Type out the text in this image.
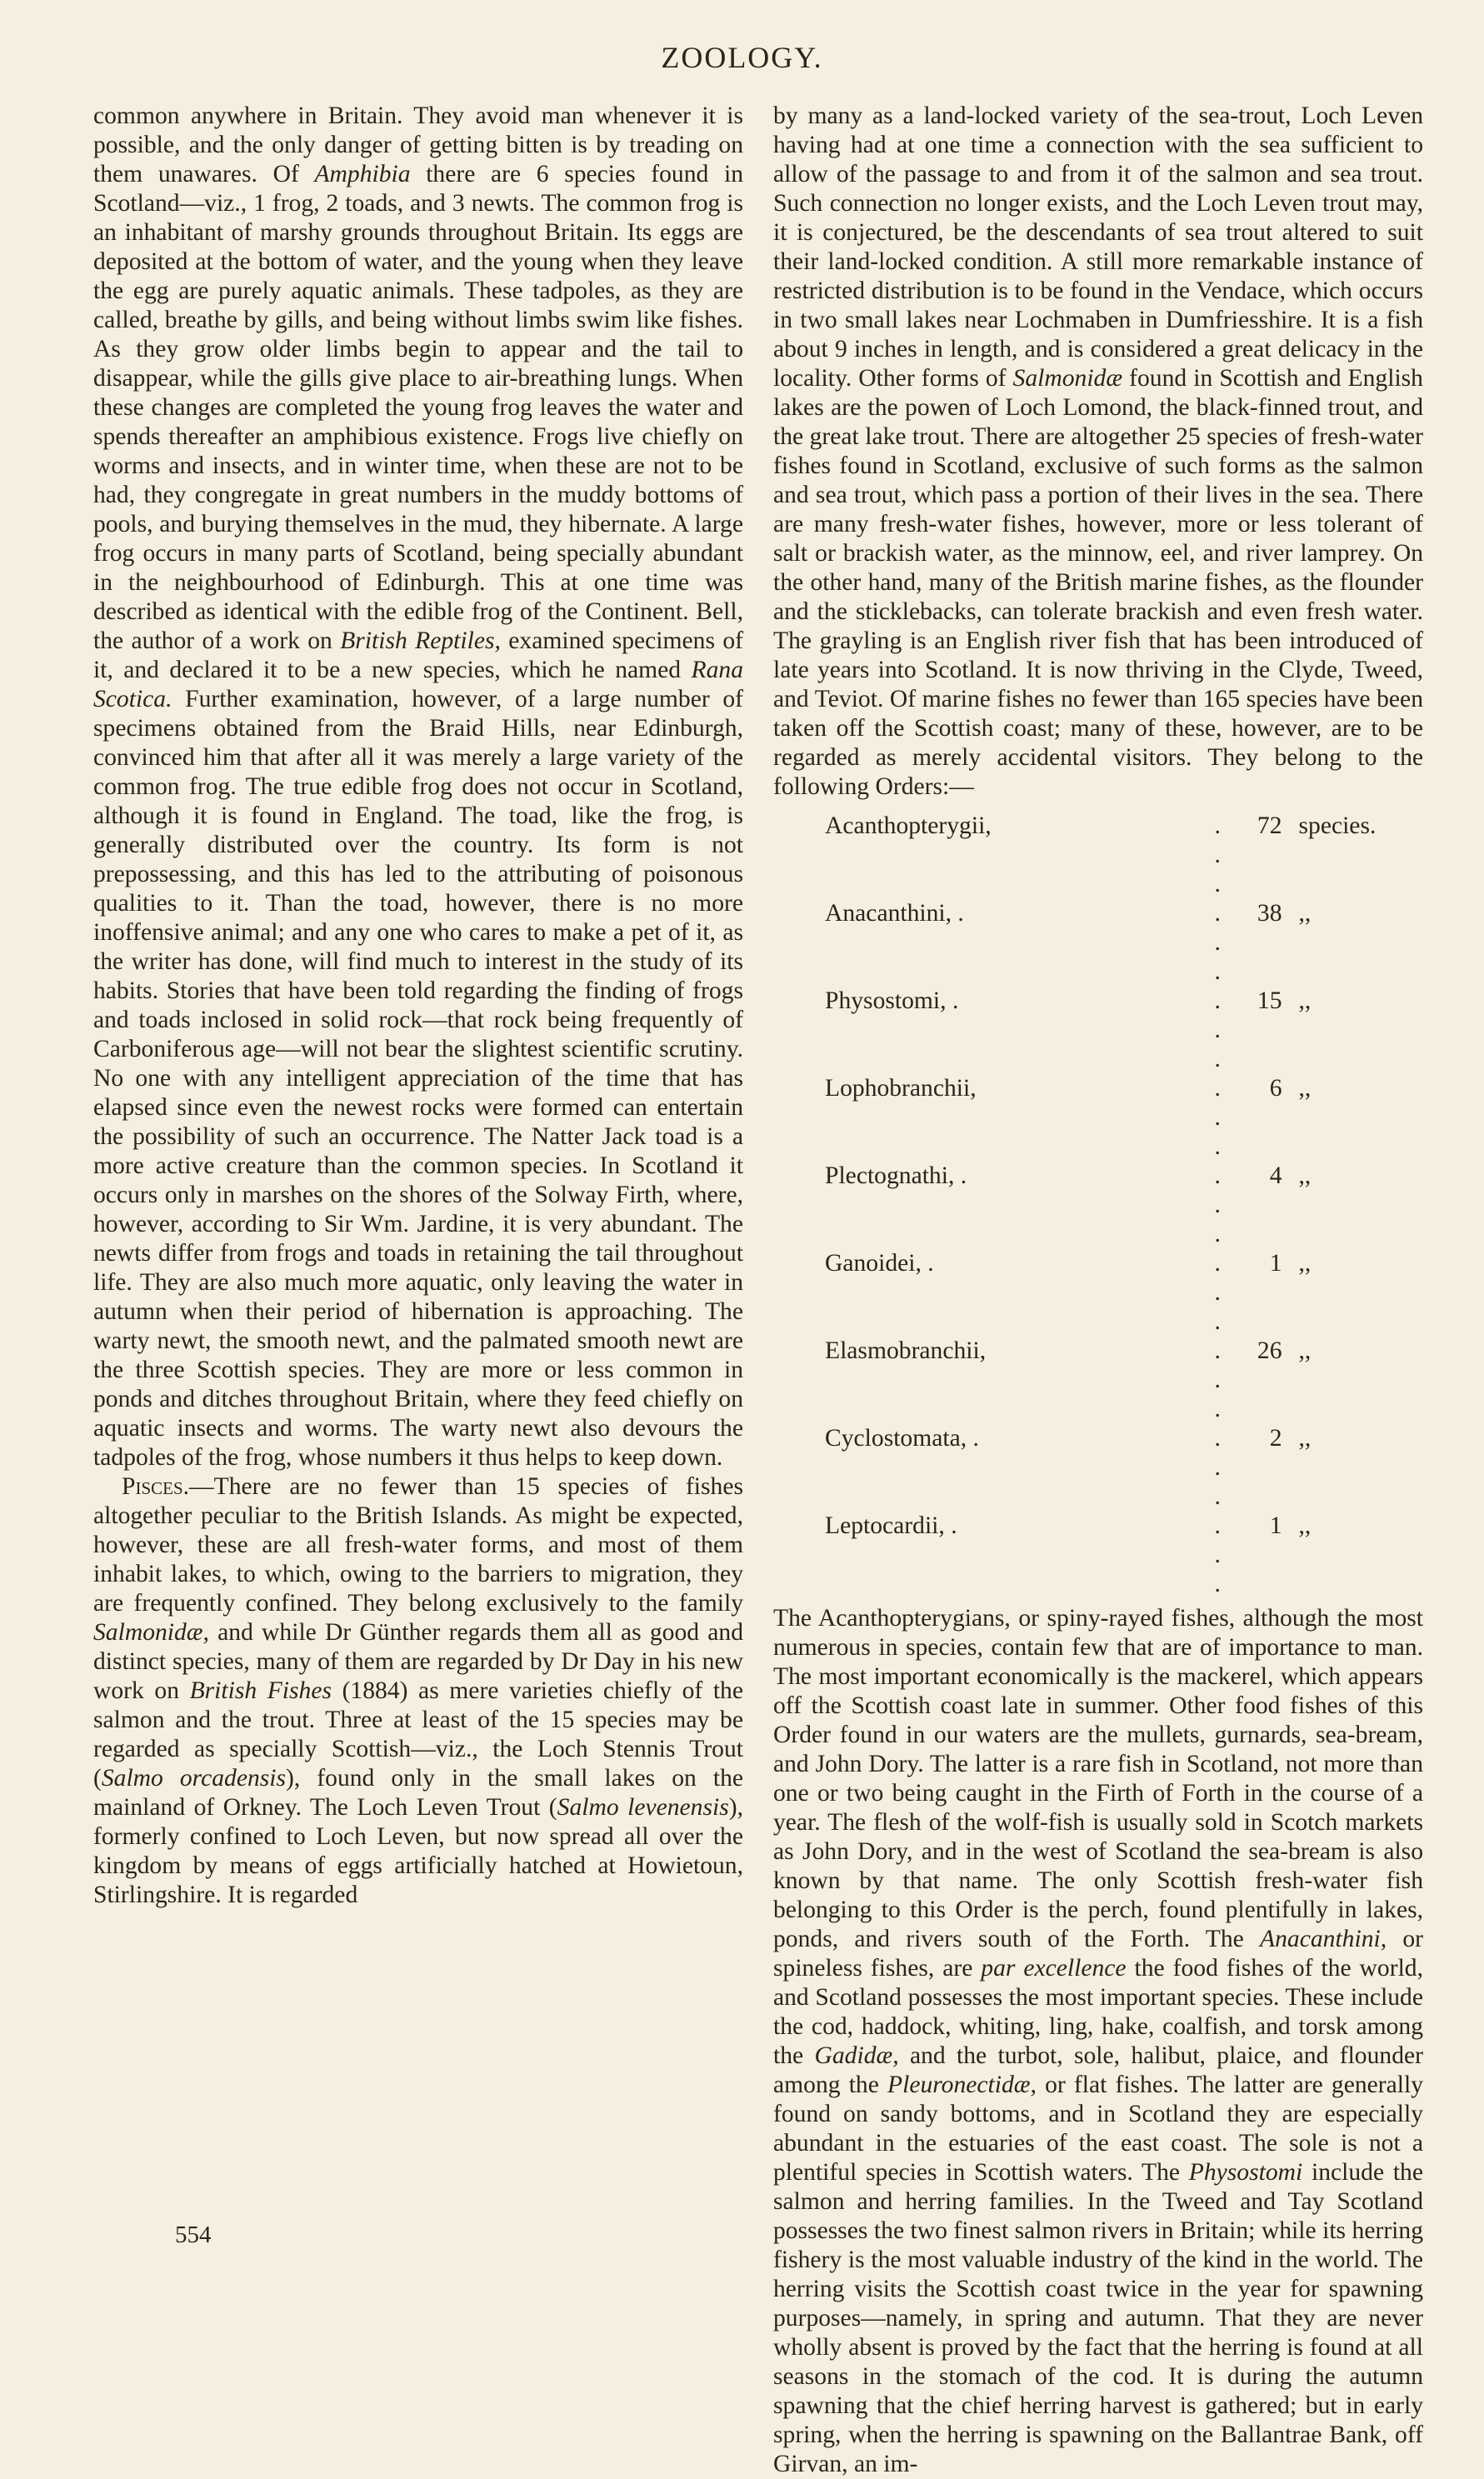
ZOOLOGY.

common anywhere in Britain. They avoid man whenever it is possible, and the only danger of getting bitten is by treading on them unawares. Of Amphibia there are 6 species found in Scotland—viz., 1 frog, 2 toads, and 3 newts. The common frog is an inhabitant of marshy grounds throughout Britain. Its eggs are deposited at the bottom of water, and the young when they leave the egg are purely aquatic animals. These tadpoles, as they are called, breathe by gills, and being without limbs swim like fishes. As they grow older limbs begin to appear and the tail to disappear, while the gills give place to air-breathing lungs. When these changes are completed the young frog leaves the water and spends thereafter an amphibious existence. Frogs live chiefly on worms and insects, and in winter time, when these are not to be had, they congregate in great numbers in the muddy bottoms of pools, and burying themselves in the mud, they hibernate. A large frog occurs in many parts of Scotland, being specially abundant in the neighbourhood of Edinburgh. This at one time was described as identical with the edible frog of the Continent. Bell, the author of a work on British Reptiles, examined specimens of it, and declared it to be a new species, which he named Rana Scotica. Further examination, however, of a large number of specimens obtained from the Braid Hills, near Edinburgh, convinced him that after all it was merely a large variety of the common frog. The true edible frog does not occur in Scotland, although it is found in England. The toad, like the frog, is generally distributed over the country. Its form is not prepossessing, and this has led to the attributing of poisonous qualities to it. Than the toad, however, there is no more inoffensive animal; and any one who cares to make a pet of it, as the writer has done, will find much to interest in the study of its habits. Stories that have been told regarding the finding of frogs and toads inclosed in solid rock—that rock being frequently of Carboniferous age—will not bear the slightest scientific scrutiny. No one with any intelligent appreciation of the time that has elapsed since even the newest rocks were formed can entertain the possibility of such an occurrence. The Natter Jack toad is a more active creature than the common species. In Scotland it occurs only in marshes on the shores of the Solway Firth, where, however, according to Sir Wm. Jardine, it is very abundant. The newts differ from frogs and toads in retaining the tail throughout life. They are also much more aquatic, only leaving the water in autumn when their period of hibernation is approaching. The warty newt, the smooth newt, and the palmated smooth newt are the three Scottish species. They are more or less common in ponds and ditches throughout Britain, where they feed chiefly on aquatic insects and worms. The warty newt also devours the tadpoles of the frog, whose numbers it thus helps to keep down.

Pisces.—There are no fewer than 15 species of fishes altogether peculiar to the British Islands. As might be expected, however, these are all fresh-water forms, and most of them inhabit lakes, to which, owing to the barriers to migration, they are frequently confined. They belong exclusively to the family Salmonidæ, and while Dr Günther regards them all as good and distinct species, many of them are regarded by Dr Day in his new work on British Fishes (1884) as mere varieties chiefly of the salmon and the trout. Three at least of the 15 species may be regarded as specially Scottish—viz., the Loch Stennis Trout (Salmo orcadensis), found only in the small lakes on the mainland of Orkney. The Loch Leven Trout (Salmo levenensis), formerly confined to Loch Leven, but now spread all over the kingdom by means of eggs artificially hatched at Howietoun, Stirlingshire. It is regarded

by many as a land-locked variety of the sea-trout, Loch Leven having had at one time a connection with the sea sufficient to allow of the passage to and from it of the salmon and sea trout. Such connection no longer exists, and the Loch Leven trout may, it is conjectured, be the descendants of sea trout altered to suit their land-locked condition. A still more remarkable instance of restricted distribution is to be found in the Vendace, which occurs in two small lakes near Lochmaben in Dumfriesshire. It is a fish about 9 inches in length, and is considered a great delicacy in the locality. Other forms of Salmonidæ found in Scottish and English lakes are the powen of Loch Lomond, the black-finned trout, and the great lake trout. There are altogether 25 species of fresh-water fishes found in Scotland, exclusive of such forms as the salmon and sea trout, which pass a portion of their lives in the sea. There are many fresh-water fishes, however, more or less tolerant of salt or brackish water, as the minnow, eel, and river lamprey. On the other hand, many of the British marine fishes, as the flounder and the sticklebacks, can tolerate brackish and even fresh water. The grayling is an English river fish that has been introduced of late years into Scotland. It is now thriving in the Clyde, Tweed, and Teviot. Of marine fishes no fewer than 165 species have been taken off the Scottish coast; many of these, however, are to be regarded as merely accidental visitors. They belong to the following Orders:—

Acanthopterygii,	. . .	72	species.
Anacanthini, .	. . .	38	,,
Physostomi, .	. . .	15	,,
Lophobranchii,	. . .	6	,,
Plectognathi, .	. . .	4	,,
Ganoidei, .	. . .	1	,,
Elasmobranchii,	. . .	26	,,
Cyclostomata, .	. . .	2	,,
Leptocardii, .	. . .	1	,,

The Acanthopterygians, or spiny-rayed fishes, although the most numerous in species, contain few that are of importance to man. The most important economically is the mackerel, which appears off the Scottish coast late in summer. Other food fishes of this Order found in our waters are the mullets, gurnards, sea-bream, and John Dory. The latter is a rare fish in Scotland, not more than one or two being caught in the Firth of Forth in the course of a year. The flesh of the wolf-fish is usually sold in Scotch markets as John Dory, and in the west of Scotland the sea-bream is also known by that name. The only Scottish fresh-water fish belonging to this Order is the perch, found plentifully in lakes, ponds, and rivers south of the Forth. The Anacanthini, or spineless fishes, are par excellence the food fishes of the world, and Scotland possesses the most important species. These include the cod, haddock, whiting, ling, hake, coalfish, and torsk among the Gadidæ, and the turbot, sole, halibut, plaice, and flounder among the Pleuronectidæ, or flat fishes. The latter are generally found on sandy bottoms, and in Scotland they are especially abundant in the estuaries of the east coast. The sole is not a plentiful species in Scottish waters. The Physostomi include the salmon and herring families. In the Tweed and Tay Scotland possesses the two finest salmon rivers in Britain; while its herring fishery is the most valuable industry of the kind in the world. The herring visits the Scottish coast twice in the year for spawning purposes—namely, in spring and autumn. That they are never wholly absent is proved by the fact that the herring is found at all seasons in the stomach of the cod. It is during the autumn spawning that the chief herring harvest is gathered; but in early spring, when the herring is spawning on the Ballantrae Bank, off Girvan, an im-

554
